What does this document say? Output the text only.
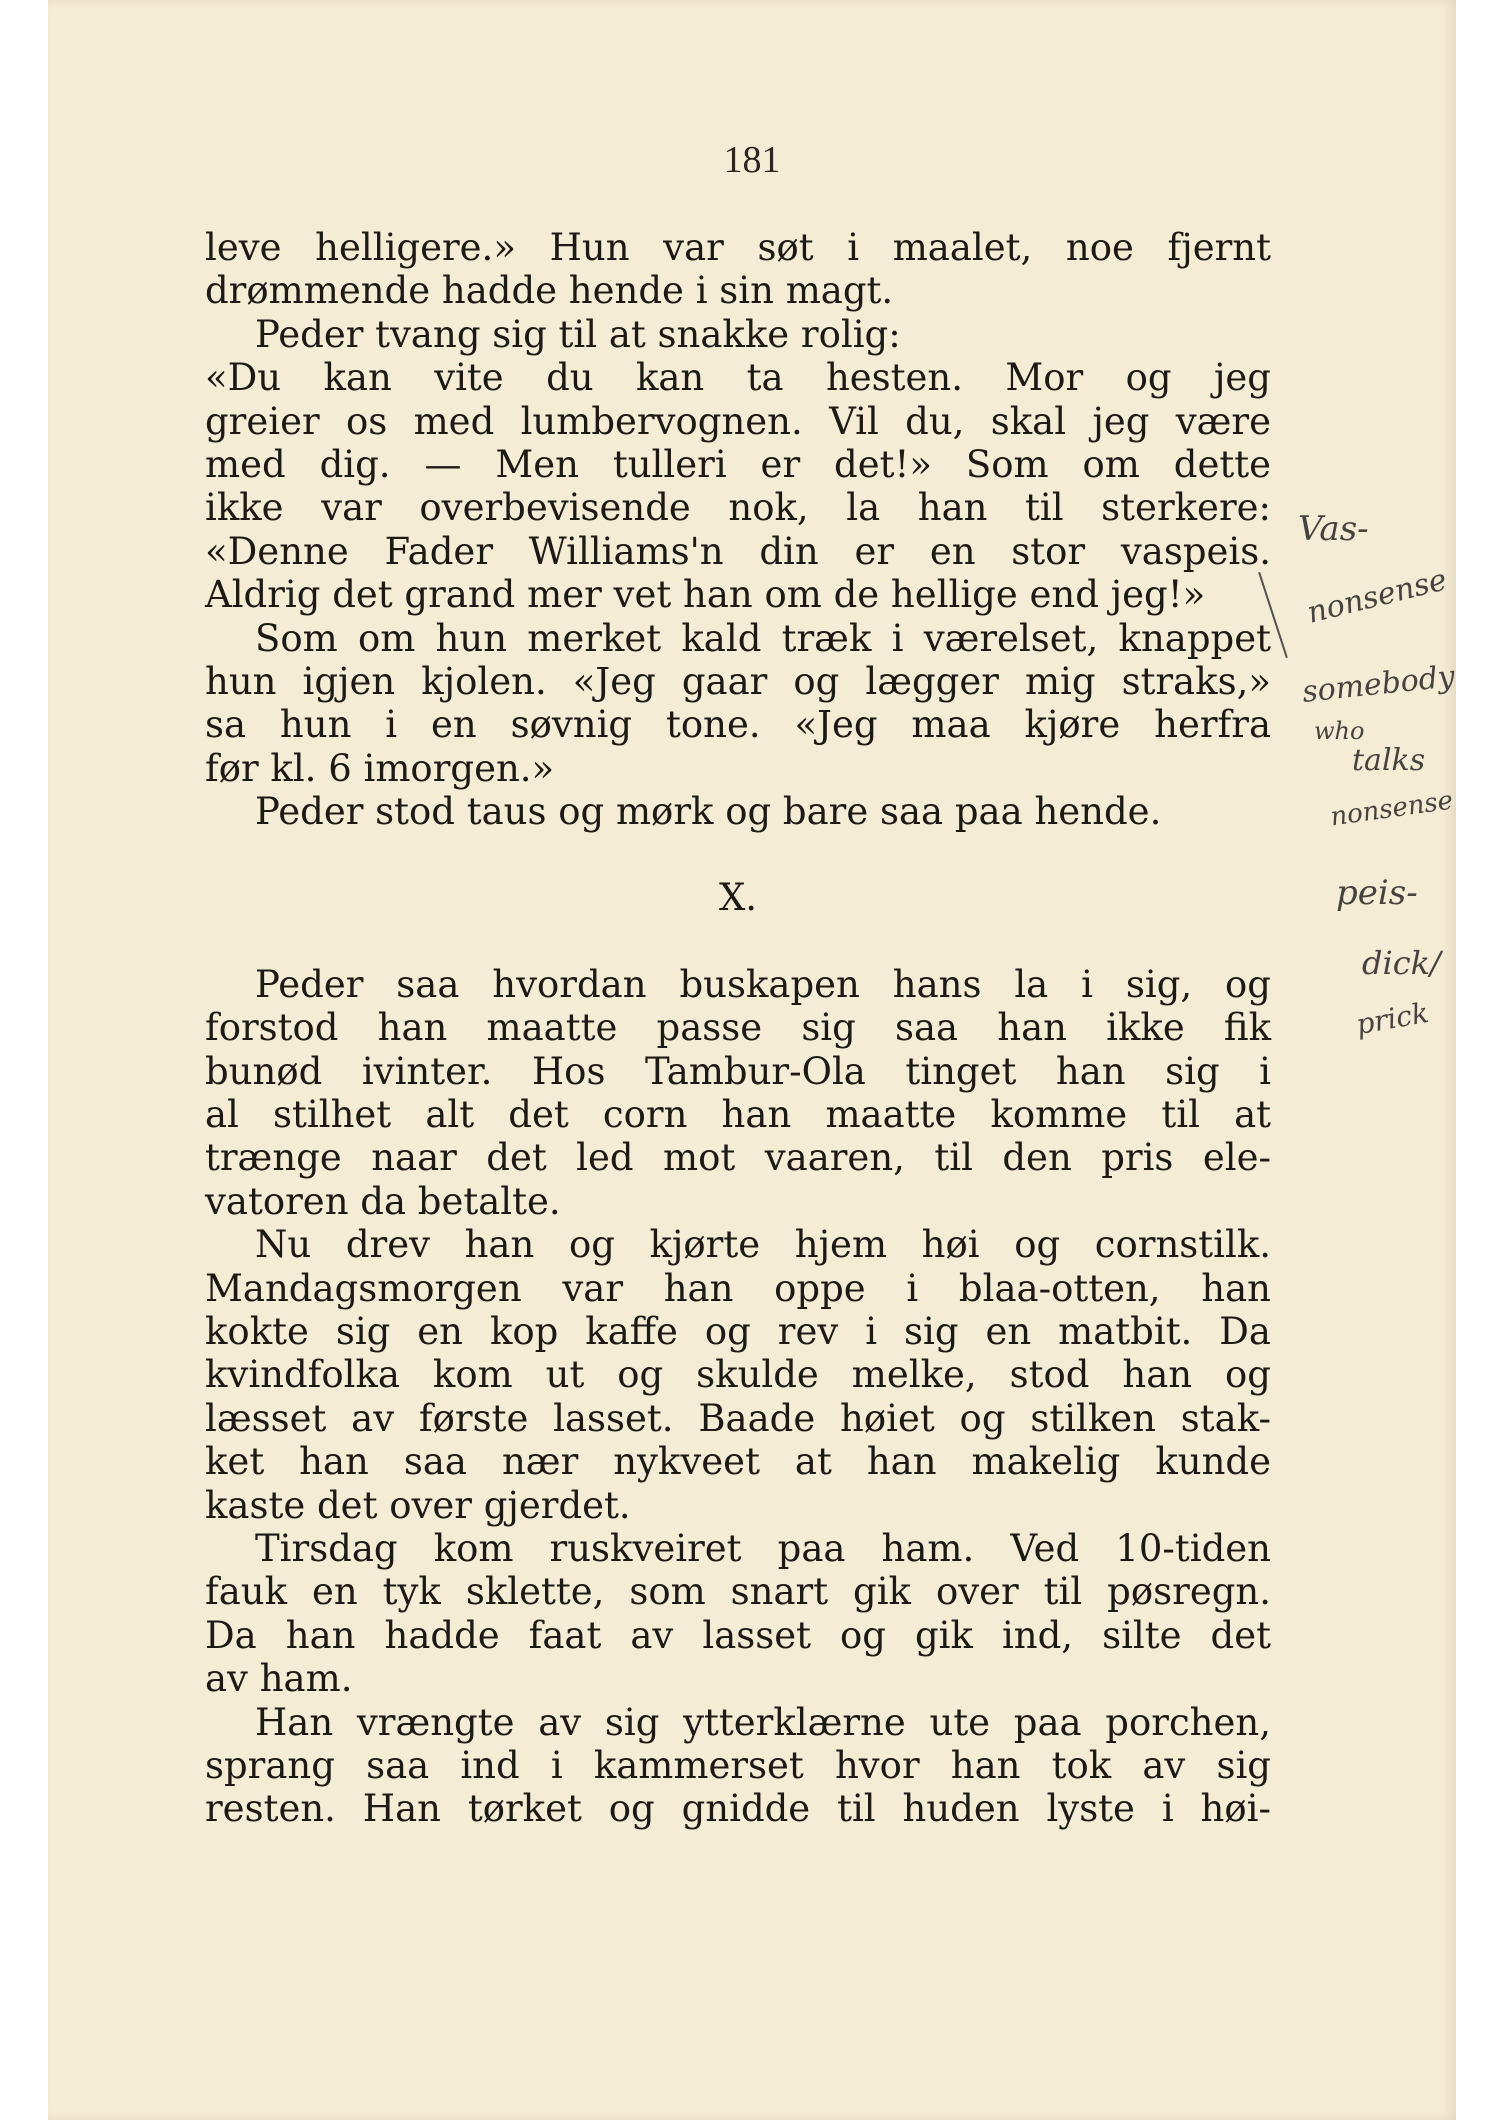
181
leve helligere.» Hun var søt i maalet, noe fjernt
drømmende hadde hende i sin magt.
Peder tvang sig til at snakke rolig:
«Du kan vite du kan ta hesten. Mor og jeg
greier os med lumbervognen. Vil du, skal jeg være
med dig. — Men tulleri er det!» Som om dette
ikke var overbevisende nok, la han til sterkere:
«Denne Fader Williams'n din er en stor vaspeis.
Aldrig det grand mer vet han om de hellige end jeg!»
Som om hun merket kald træk i værelset, knappet
hun igjen kjolen. «Jeg gaar og lægger mig straks,»
sa hun i en søvnig tone. «Jeg maa kjøre herfra
før kl. 6 imorgen.»
Peder stod taus og mørk og bare saa paa hende.
X.
Peder saa hvordan buskapen hans la i sig, og
forstod han maatte passe sig saa han ikke fik
bunød ivinter. Hos Tambur-Ola tinget han sig i
al stilhet alt det corn han maatte komme til at
trænge naar det led mot vaaren, til den pris ele-
vatoren da betalte.
Nu drev han og kjørte hjem høi og cornstilk.
Mandagsmorgen var han oppe i blaa-otten, han
kokte sig en kop kaffe og rev i sig en matbit. Da
kvindfolka kom ut og skulde melke, stod han og
læsset av første lasset. Baade høiet og stilken stak-
ket han saa nær nykveet at han makelig kunde
kaste det over gjerdet.
Tirsdag kom ruskveiret paa ham. Ved 10-tiden
fauk en tyk sklette, som snart gik over til pøsregn.
Da han hadde faat av lasset og gik ind, silte det
av ham.
Han vrængte av sig ytterklærne ute paa porchen,
sprang saa ind i kammerset hvor han tok av sig
resten. Han tørket og gnidde til huden lyste i høi-
Vas-
nonsense
somebody
who
talks
nonsense
peis-
dick/
prick
